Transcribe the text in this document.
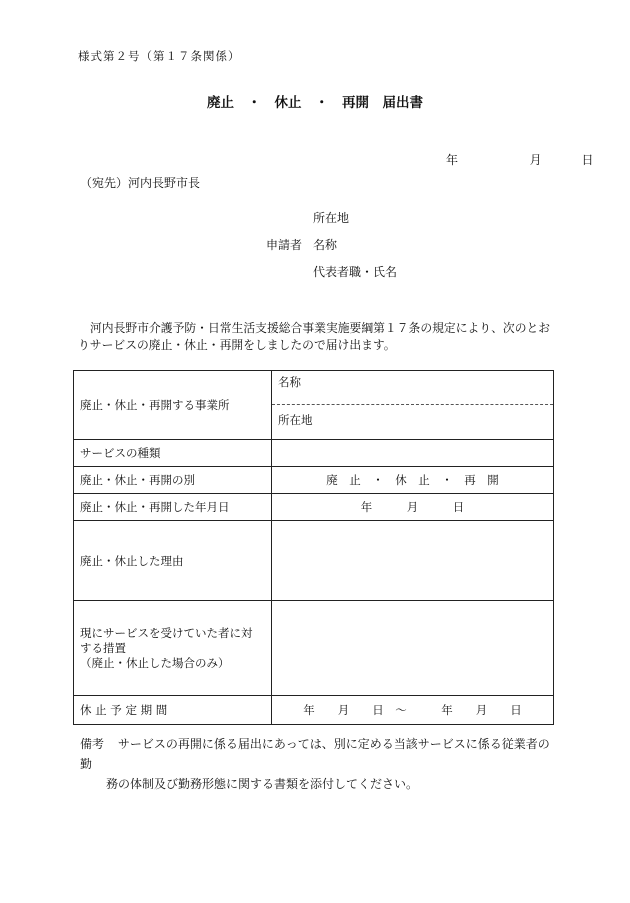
様式第２号（第１７条関係）
廃止　・　休止　・　再開　届出書
年	月	日
（宛先）河内長野市長
所在地
申請者 名称
代表者職・氏名
河内長野市介護予防・日常生活支援総合事業実施要綱第１７条の規定により、次のとおりサービスの廃止・休止・再開をしましたので届け出ます。
廃止・休止・再開する事業所	名称
所在地

サービスの種類	
廃止・休止・再開の別	廃　止　・　休　止　・　再　開
廃止・休止・再開した年月日	年　　　月　　　日
廃止・休止した理由	

現にサービスを受けていた者に対
する措置
（廃止・休止した場合のみ）	

休 止 予 定 期 間	年　　月　　日　〜　　　年　　月　　日
備考 サービスの再開に係る届出にあっては、別に定める当該サービスに係る従業者の勤
務の体制及び勤務形態に関する書類を添付してください。
